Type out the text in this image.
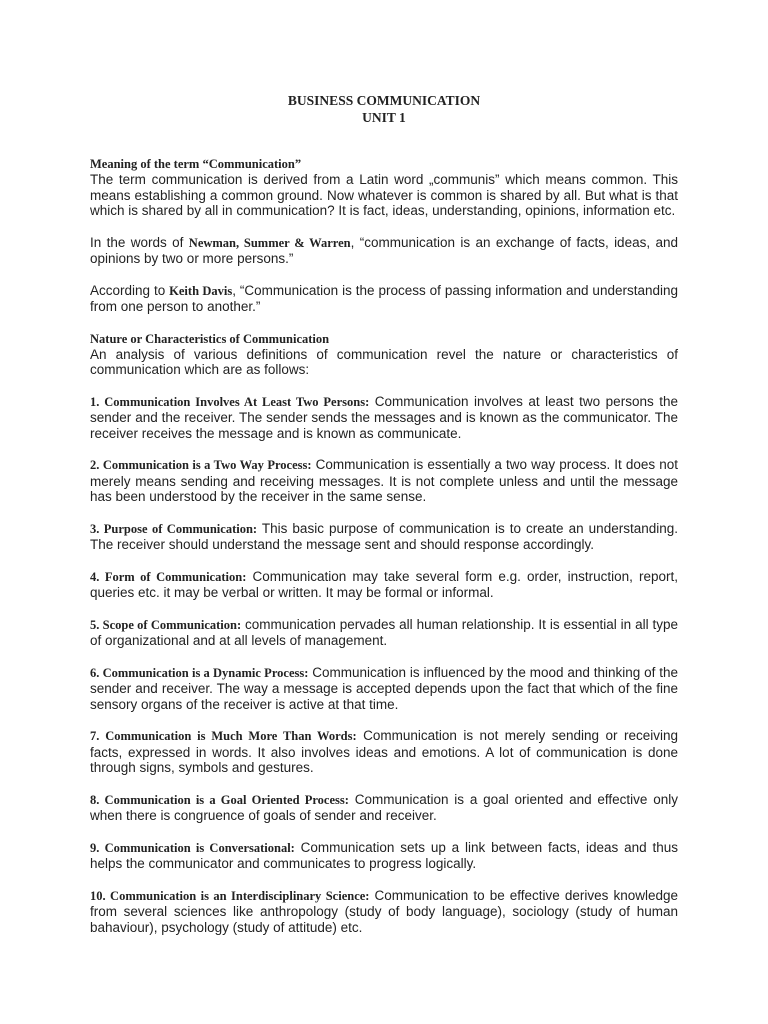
BUSINESS COMMUNICATION

UNIT 1

Meaning of the term “Communication”

The term communication is derived from a Latin word „communis” which means common. This means establishing a common ground. Now whatever is common is shared by all. But what is that which is shared by all in communication? It is fact, ideas, understanding, opinions, information etc.

In the words of Newman, Summer & Warren, “communication is an exchange of facts, ideas, and opinions by two or more persons.”

According to Keith Davis, “Communication is the process of passing information and understanding from one person to another.”

Nature or Characteristics of Communication

An analysis of various definitions of communication revel the nature or characteristics of communication which are as follows:

1. Communication Involves At Least Two Persons: Communication involves at least two persons the sender and the receiver. The sender sends the messages and is known as the communicator. The receiver receives the message and is known as communicate.

2. Communication is a Two Way Process: Communication is essentially a two way process. It does not merely means sending and receiving messages. It is not complete unless and until the message has been understood by the receiver in the same sense.

3. Purpose of Communication: This basic purpose of communication is to create an understanding. The receiver should understand the message sent and should response accordingly.

4. Form of Communication: Communication may take several form e.g. order, instruction, report, queries etc. it may be verbal or written. It may be formal or informal.

5. Scope of Communication: communication pervades all human relationship. It is essential in all type of organizational and at all levels of management.

6. Communication is a Dynamic Process: Communication is influenced by the mood and thinking of the sender and receiver. The way a message is accepted depends upon the fact that which of the fine sensory organs of the receiver is active at that time.

7. Communication is Much More Than Words: Communication is not merely sending or receiving facts, expressed in words. It also involves ideas and emotions. A lot of communication is done through signs, symbols and gestures.

8. Communication is a Goal Oriented Process: Communication is a goal oriented and effective only when there is congruence of goals of sender and receiver.

9. Communication is Conversational: Communication sets up a link between facts, ideas and thus helps the communicator and communicates to progress logically.

10. Communication is an Interdisciplinary Science: Communication to be effective derives knowledge from several sciences like anthropology (study of body language), sociology (study of human bahaviour), psychology (study of attitude) etc.
